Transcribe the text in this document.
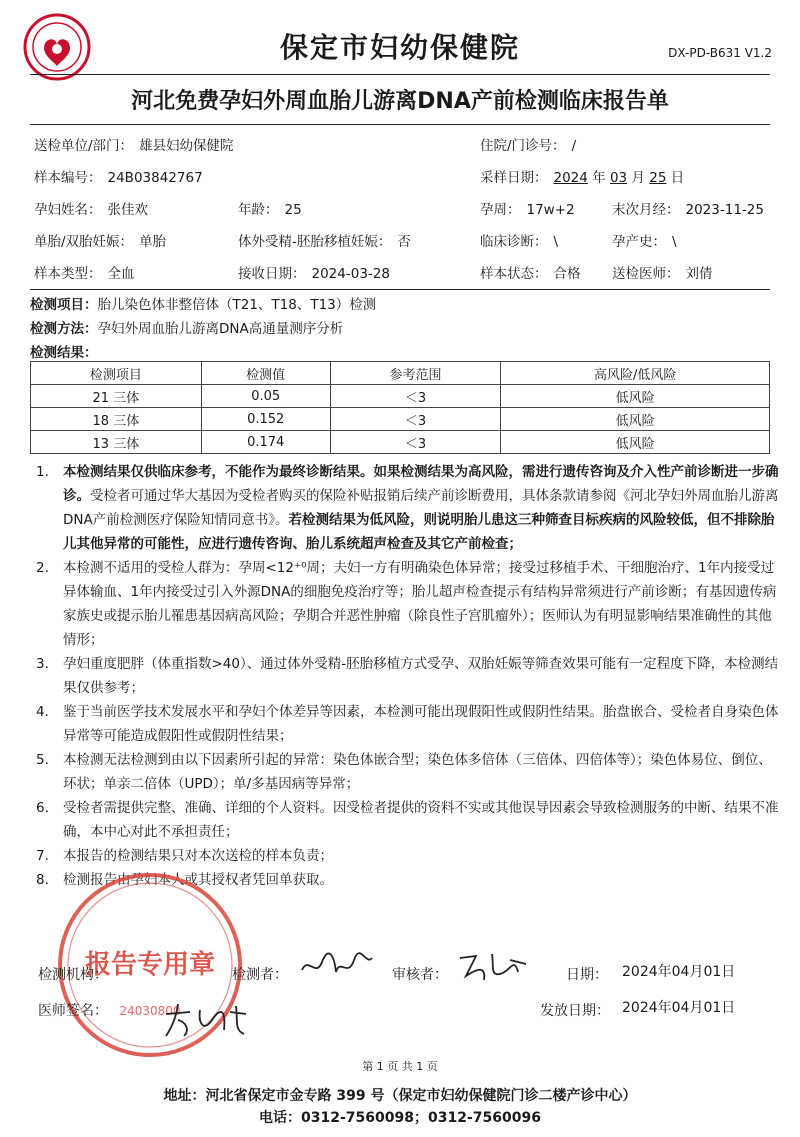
保定市妇幼保健院	DX-PD-B631 V1.2
河北免费孕妇外周血胎儿游离DNA产前检测临床报告单
送检单位/部门： 雄县妇幼保健院	住院/门诊号： /
样本编号： 24B03842767	采样日期： 2024 年 03 月 25 日
孕妇姓名： 张佳欢	年龄： 25	孕周： 17w+2	末次月经： 2023-11-25
单胎/双胎妊娠： 单胎	体外受精-胚胎移植妊娠： 否	临床诊断： \	孕产史： \
样本类型： 全血	接收日期： 2024-03-28	样本状态： 合格 送检医师： 刘倩
检测项目：胎儿染色体非整倍体（T21、T18、T13）检测
检测方法：孕妇外周血胎儿游离DNA高通量测序分析
检测结果：
检测项目	检测值	参考范围	高风险/低风险
21 三体	0.05	＜3	低风险
18 三体	0.152	＜3	低风险
13 三体	0.174	＜3	低风险
1. 本检测结果仅供临床参考，不能作为最终诊断结果。如果检测结果为高风险，需进行遗传咨询及介入性产前诊断进一步确诊。受检者可通过华大基因为受检者购买的保险补贴报销后续产前诊断费用，具体条款请参阅《河北孕妇外周血胎儿游离DNA产前检测医疗保险知情同意书》。若检测结果为低风险，则说明胎儿患这三种筛查目标疾病的风险较低，但不排除胎儿其他异常的可能性，应进行遗传咨询、胎儿系统超声检查及其它产前检查；
2. 本检测不适用的受检人群为：孕周<12⁺⁰周；夫妇一方有明确染色体异常；接受过移植手术、干细胞治疗、1年内接受过异体输血、1年内接受过引入外源DNA的细胞免疫治疗等；胎儿超声检查提示有结构异常须进行产前诊断；有基因遗传病家族史或提示胎儿罹患基因病高风险；孕期合并恶性肿瘤（除良性子宫肌瘤外）；医师认为有明显影响结果准确性的其他情形；
3. 孕妇重度肥胖（体重指数>40）、通过体外受精-胚胎移植方式受孕、双胎妊娠等筛查效果可能有一定程度下降，本检测结果仅供参考；
4. 鉴于当前医学技术发展水平和孕妇个体差异等因素，本检测可能出现假阳性或假阴性结果。胎盘嵌合、受检者自身染色体异常等可能造成假阳性或假阴性结果；
5. 本检测无法检测到由以下因素所引起的异常：染色体嵌合型；染色体多倍体（三倍体、四倍体等）；染色体易位、倒位、环状；单亲二倍体（UPD）；单/多基因病等异常；
6. 受检者需提供完整、准确、详细的个人资料。因受检者提供的资料不实或其他误导因素会导致检测服务的中断、结果不准确，本中心对此不承担责任；
7. 本报告的检测结果只对本次送检的样本负责；
8. 检测报告由孕妇本人或其授权者凭回单获取。
报告专用章
24030800
检测机构：	检测者：	审核者：	日期： 2024年04月01日
医师签名：	发放日期： 2024年04月01日
第 1 页 共 1 页
地址：河北省保定市金专路 399 号（保定市妇幼保健院门诊二楼产诊中心）
电话：0312-7560098；0312-7560096
